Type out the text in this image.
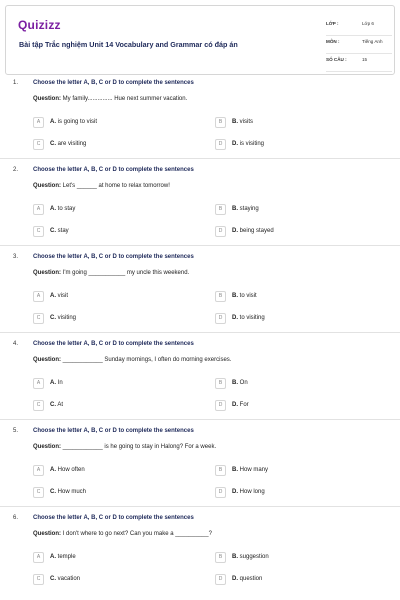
Quizizz
Bài tập Trắc nghiệm Unit 14 Vocabulary and Grammar có đáp án
LỚP :	Lớp 6
MÔN :	Tiếng Anh
SỐ CÂU :	15
1. Choose the letter A, B, C or D to complete the sentences
Question: My family............... Hue next summer vacation.
A	A. is going to visit	B	B. visits
C	C. are visiting	D	D. is visiting
2. Choose the letter A, B, C or D to complete the sentences
Question: Let's ______ at home to relax tomorrow!
A	A. to stay	B	B. staying
C	C. stay	D	D. being stayed
3. Choose the letter A, B, C or D to complete the sentences
Question: I'm going ___________ my uncle this weekend.
A	A. visit	B	B. to visit
C	C. visiting	D	D. to visiting
4. Choose the letter A, B, C or D to complete the sentences
Question: ____________ Sunday mornings, I often do morning exercises.
A	A. In	B	B. On
C	C. At	D	D. For
5. Choose the letter A, B, C or D to complete the sentences
Question: ____________ is he going to stay in Halong? For a week.
A	A. How often	B	B. How many
C	C. How much	D	D. How long
6. Choose the letter A, B, C or D to complete the sentences
Question: I don't where to go next? Can you make a __________?
A	A. temple	B	B. suggestion
C	C. vacation	D	D. question
